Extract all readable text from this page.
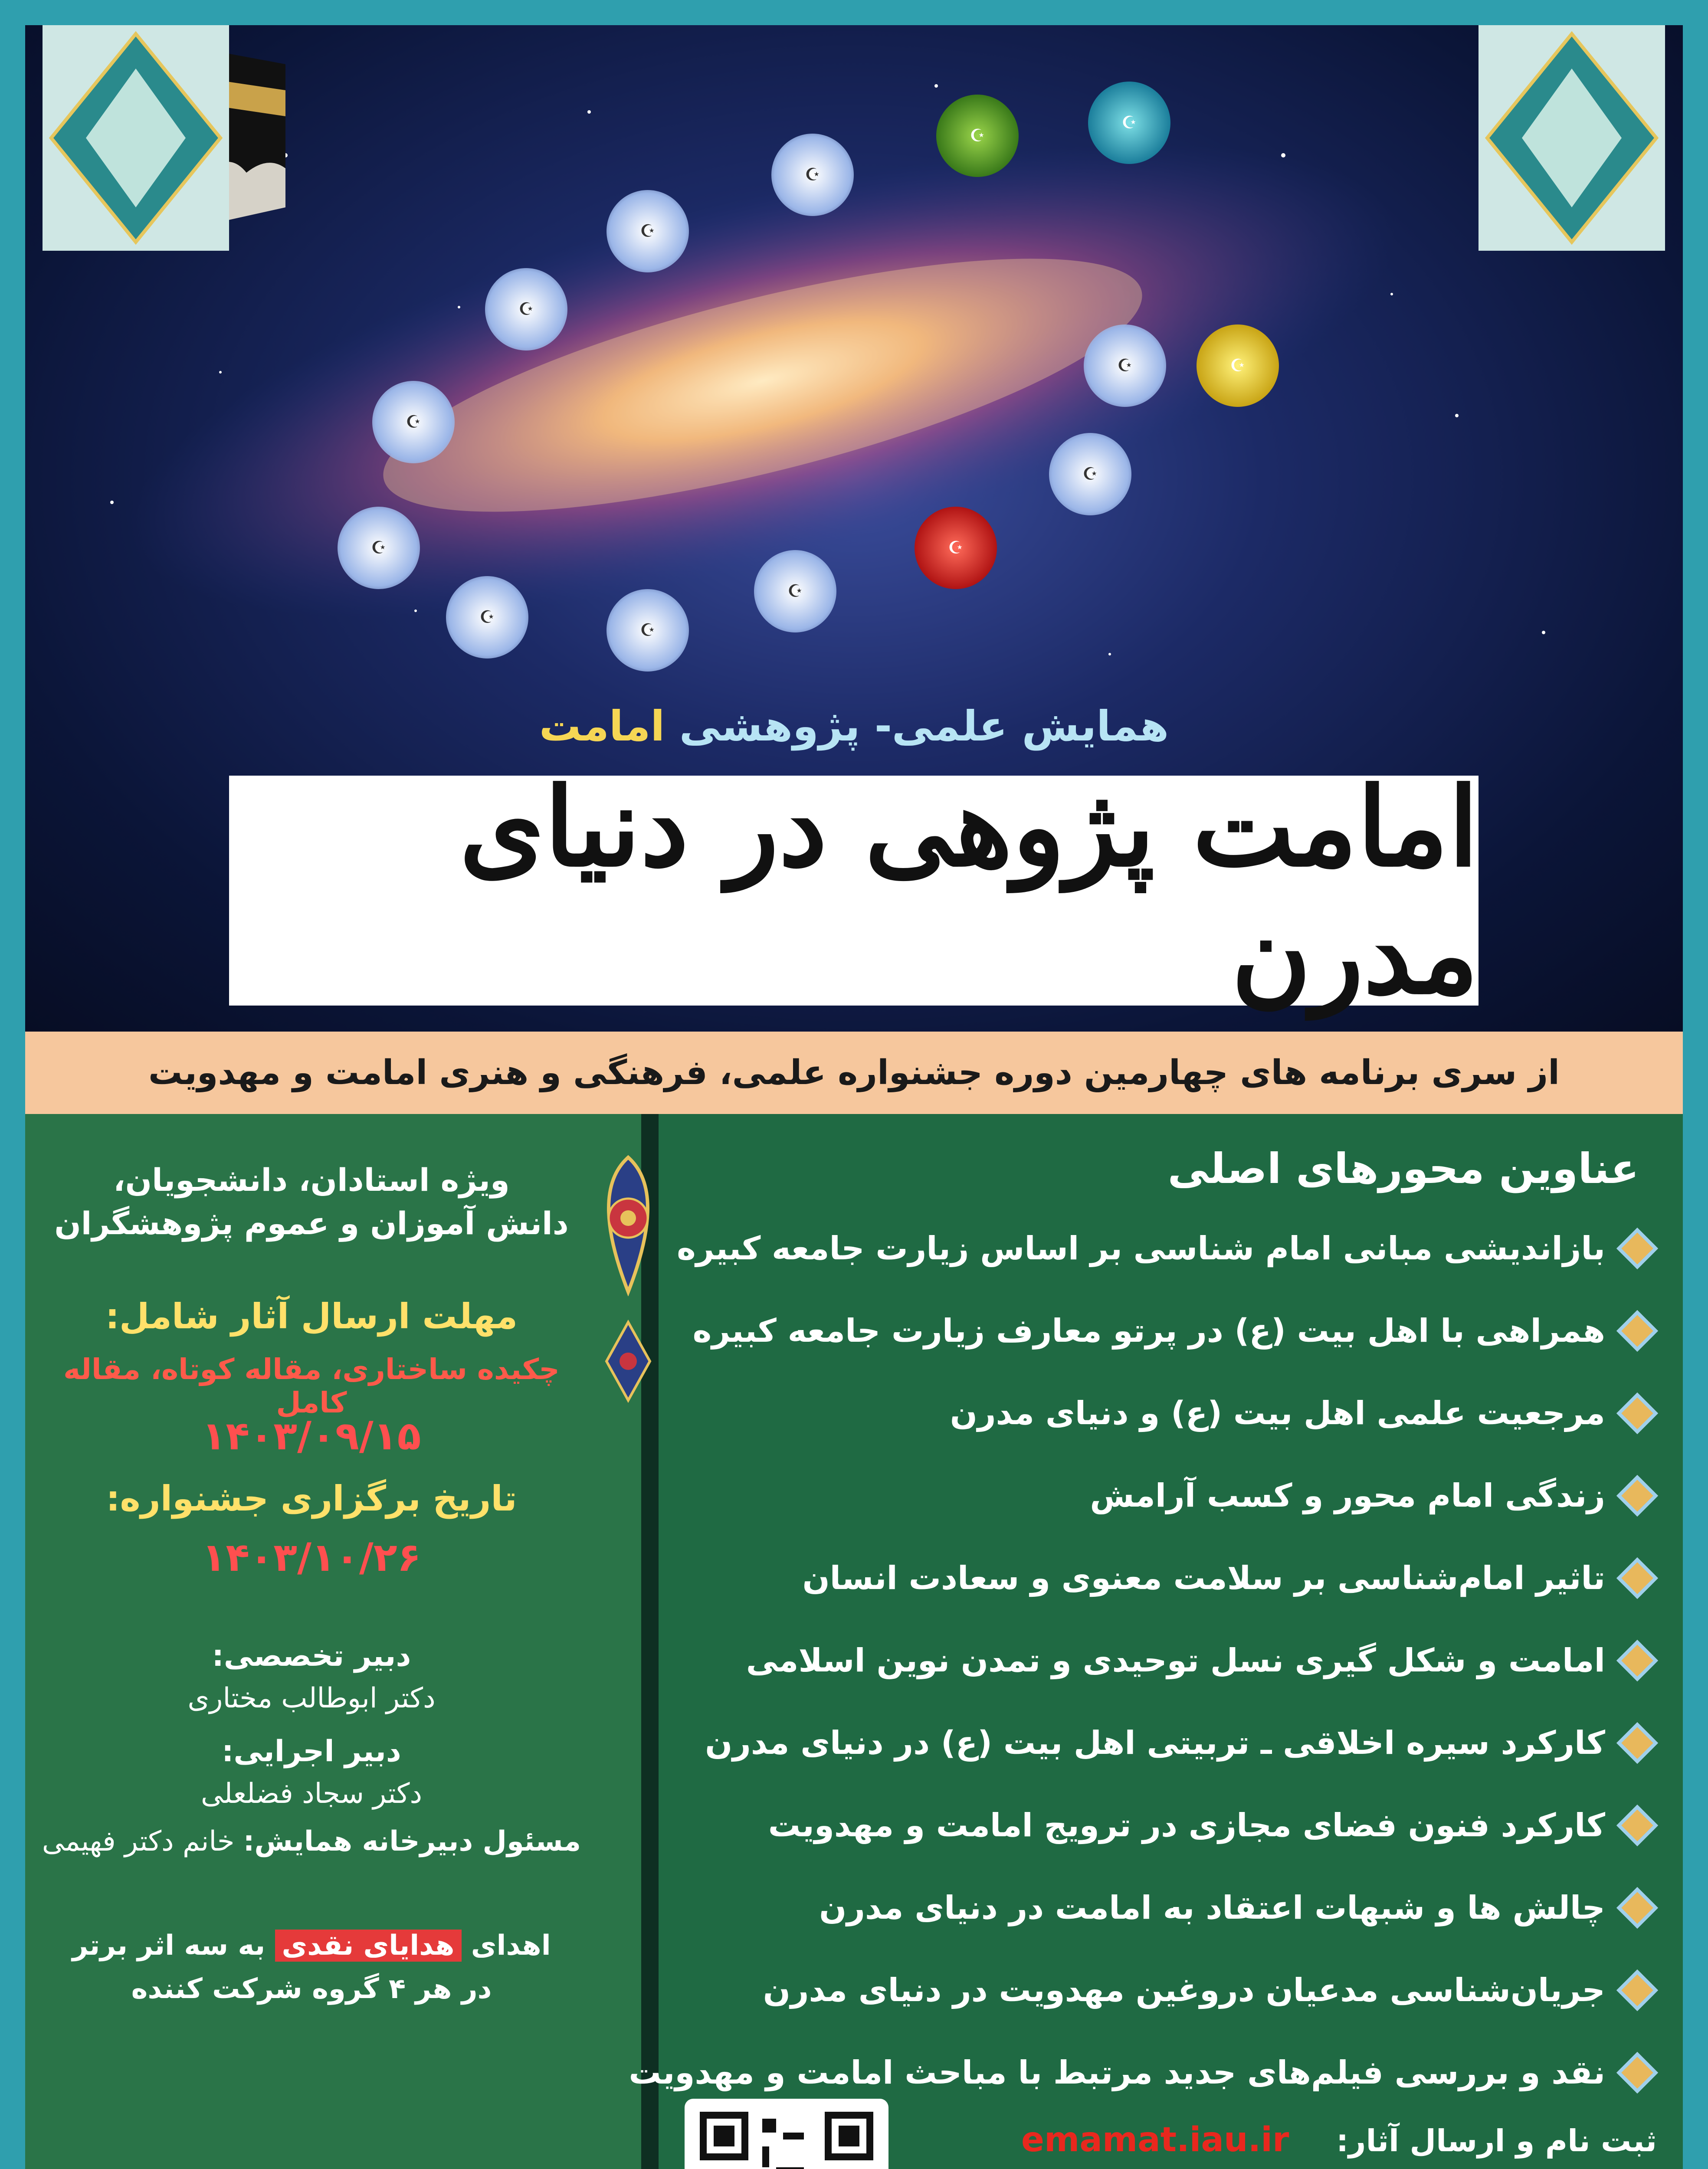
☪
☪
☪
☪
☪
☪
☪
☪
☪
☪
☪
☪
☪	☪
همایش علمی- پژوهشی امامت
امامت پژوهی در دنیای مدرن
از سری برنامه های چهارمین دوره جشنواره علمی، فرهنگی و هنری امامت و مهدویت
ویژه استادان، دانشجویان،
دانش آموزان و عموم پژوهشگران
مهلت ارسال آثار شامل:
چکیده ساختاری، مقاله کوتاه، مقاله کامل
۱۴۰۳/۰۹/۱۵
تاریخ برگزاری جشنواره:
۱۴۰۳/۱۰/۲۶
دبیر تخصصی:
دکتر ابوطالب مختاری
دبیر اجرایی:
دکتر سجاد فضلعلی
مسئول دبیرخانه همایش: خانم دکتر فهیمی
اهدای هدایای نقدی به سه اثر برتر
در هر ۴ گروه شرکت کننده
عناوین محورهای اصلی
بازاندیشی مبانی امام شناسی بر اساس زیارت جامعه کبیره
همراهی با اهل بیت (ع) در پرتو معارف زیارت جامعه کبیره
مرجعیت علمی اهل بیت (ع) و دنیای مدرن
زندگی امام محور و کسب آرامش
تاثیر امام‌شناسی بر سلامت معنوی و سعادت انسان
امامت و شکل گیری نسل توحیدی و تمدن نوین اسلامی
کارکرد سیره اخلاقی ـ تربیتی اهل بیت (ع) در دنیای مدرن
کارکرد فنون فضای مجازی در ترویج امامت و مهدویت
چالش ها و شبهات اعتقاد به امامت در دنیای مدرن
جریان‌شناسی مدعیان دروغین مهدویت در دنیای مدرن
نقد و بررسی فیلم‌های جدید مرتبط با مباحث امامت و مهدویت
ثبت نام و ارسال آثار:  emamat.iau.ir
